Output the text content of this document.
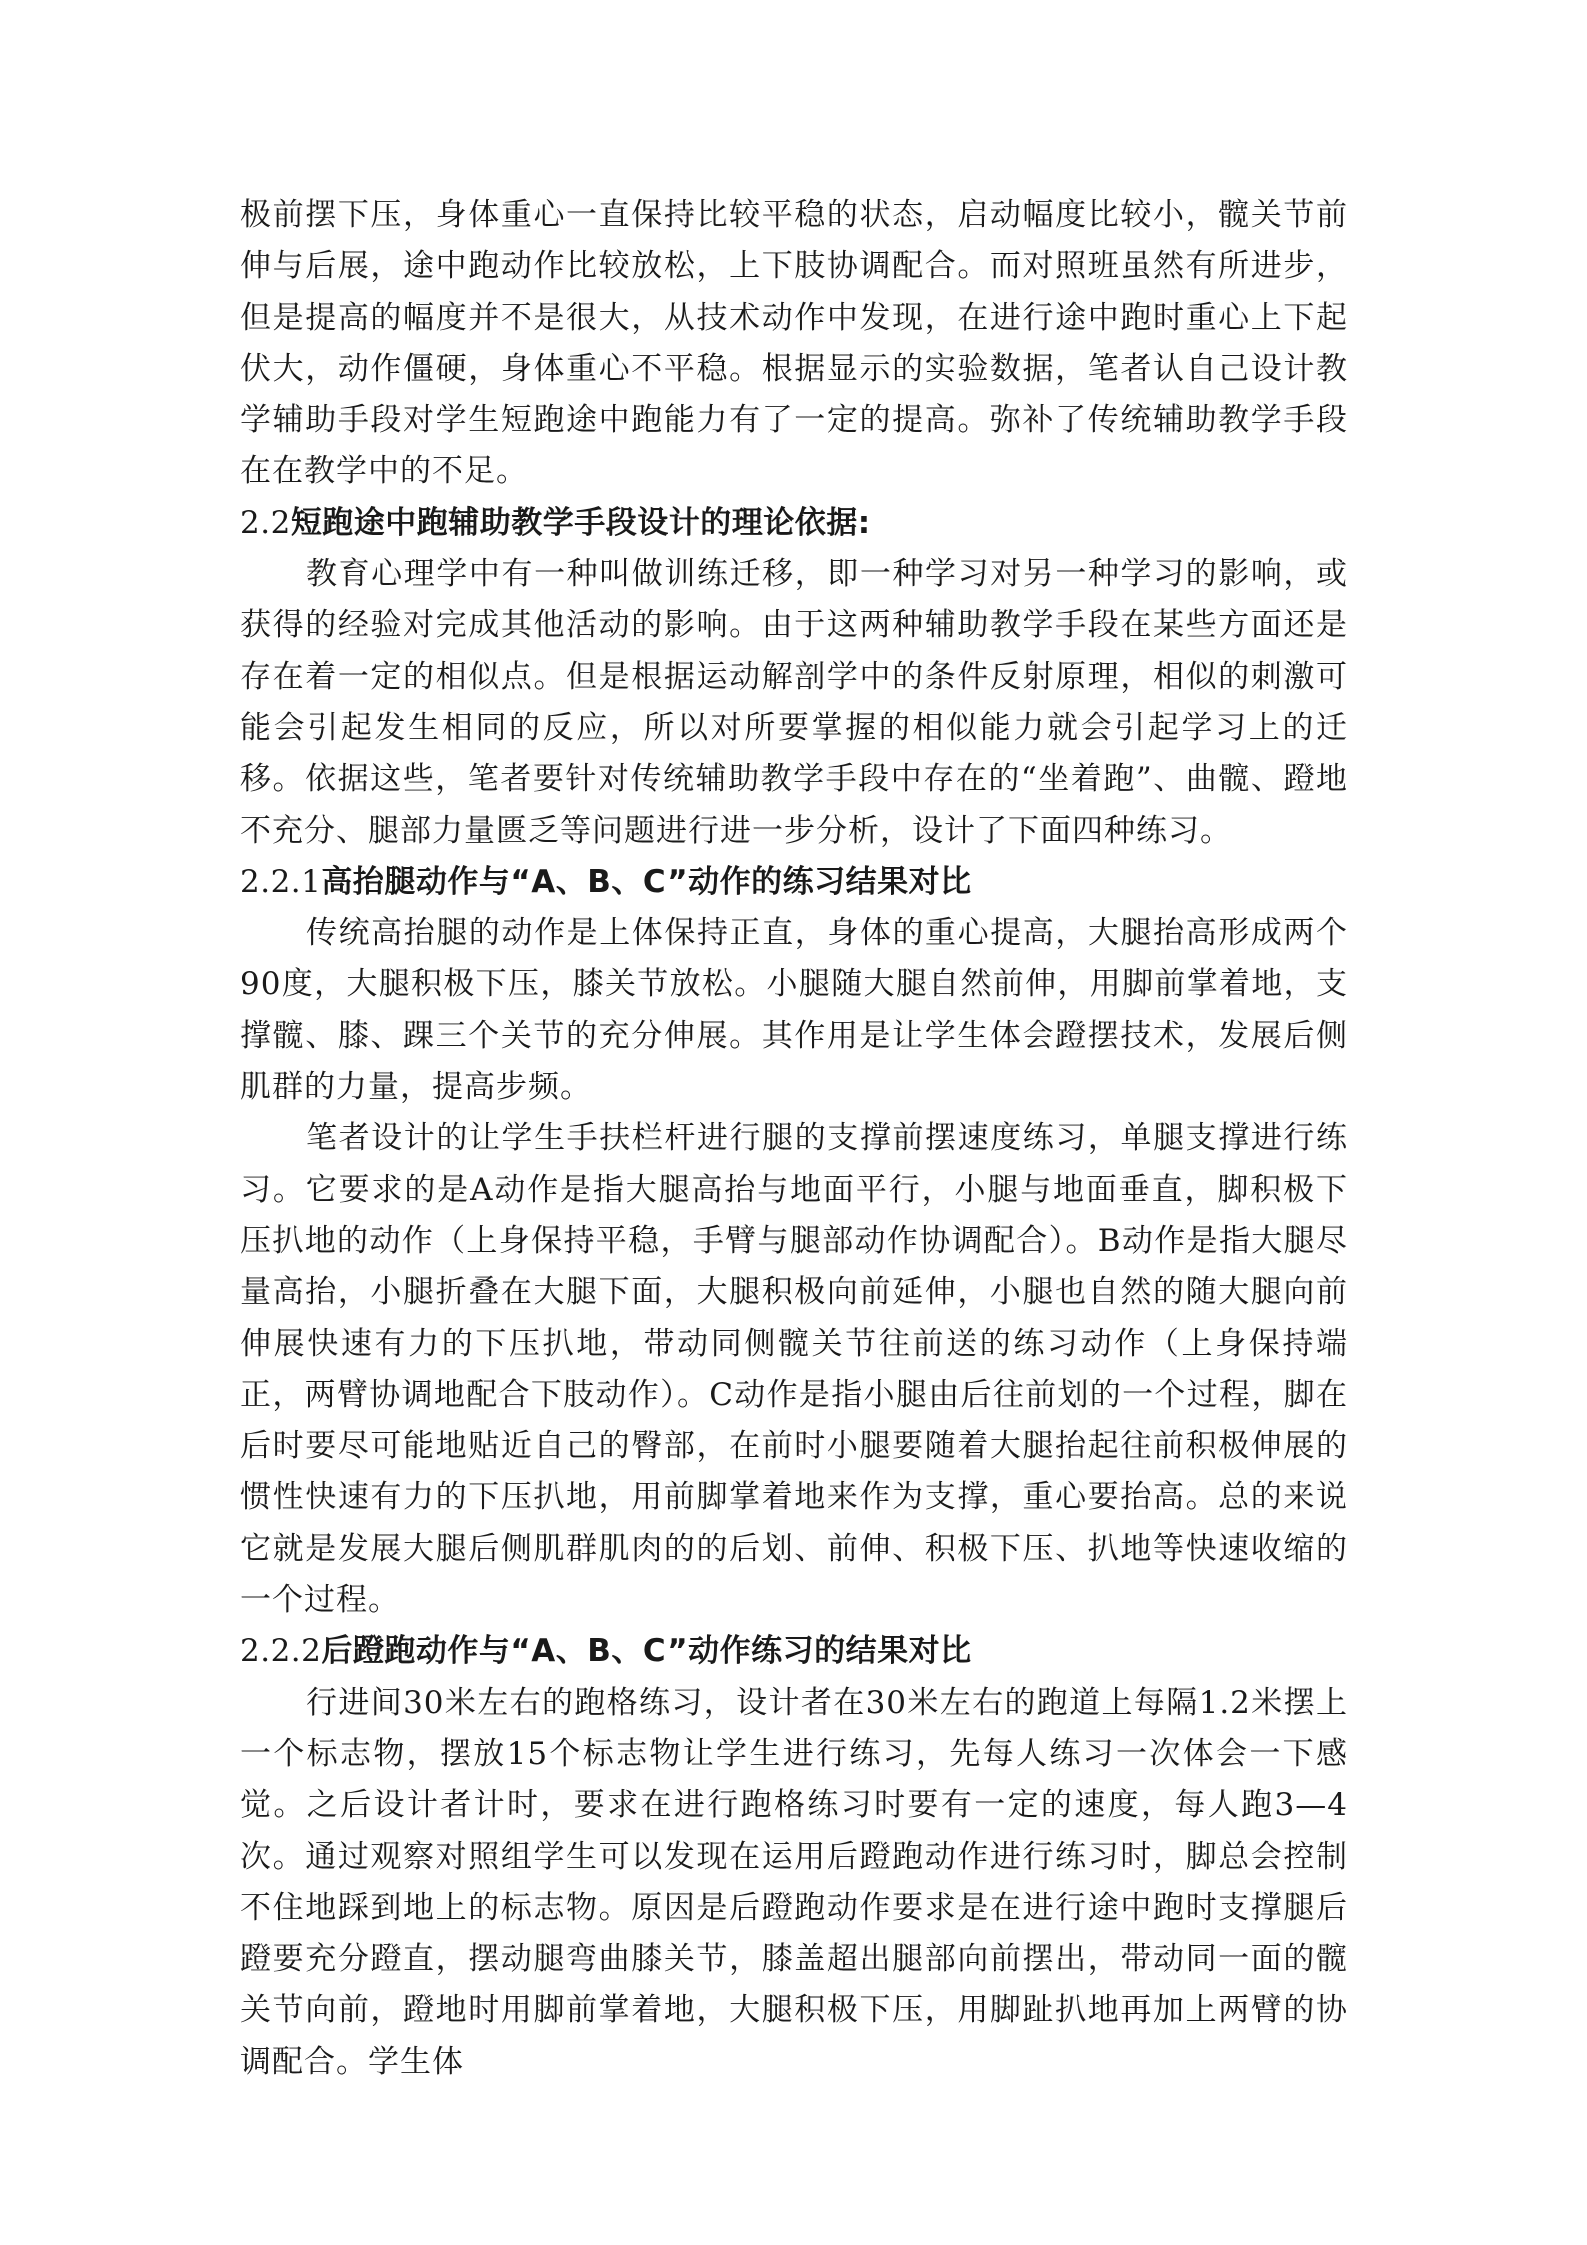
极前摆下压，身体重心一直保持比较平稳的状态，启动幅度比较小，髋关节前伸与后展，途中跑动作比较放松，上下肢协调配合。而对照班虽然有所进步，但是提高的幅度并不是很大，从技术动作中发现，在进行途中跑时重心上下起伏大，动作僵硬，身体重心不平稳。根据显示的实验数据，笔者认自己设计教学辅助手段对学生短跑途中跑能力有了一定的提高。弥补了传统辅助教学手段在在教学中的不足。

2.2短跑途中跑辅助教学手段设计的理论依据:

教育心理学中有一种叫做训练迁移，即一种学习对另一种学习的影响，或获得的经验对完成其他活动的影响。由于这两种辅助教学手段在某些方面还是存在着一定的相似点。但是根据运动解剖学中的条件反射原理，相似的刺激可能会引起发生相同的反应，所以对所要掌握的相似能力就会引起学习上的迁移。依据这些，笔者要针对传统辅助教学手段中存在的“坐着跑”、曲髋、蹬地不充分、腿部力量匮乏等问题进行进一步分析，设计了下面四种练习。

2.2.1高抬腿动作与“A、B、C”动作的练习结果对比

传统高抬腿的动作是上体保持正直，身体的重心提高，大腿抬高形成两个90度，大腿积极下压，膝关节放松。小腿随大腿自然前伸，用脚前掌着地，支撑髋、膝、踝三个关节的充分伸展。其作用是让学生体会蹬摆技术，发展后侧肌群的力量，提高步频。

笔者设计的让学生手扶栏杆进行腿的支撑前摆速度练习，单腿支撑进行练习。它要求的是A动作是指大腿高抬与地面平行，小腿与地面垂直，脚积极下压扒地的动作（上身保持平稳，手臂与腿部动作协调配合）。B动作是指大腿尽量高抬，小腿折叠在大腿下面，大腿积极向前延伸，小腿也自然的随大腿向前伸展快速有力的下压扒地，带动同侧髋关节往前送的练习动作（上身保持端正，两臂协调地配合下肢动作）。C动作是指小腿由后往前划的一个过程，脚在后时要尽可能地贴近自己的臀部，在前时小腿要随着大腿抬起往前积极伸展的惯性快速有力的下压扒地，用前脚掌着地来作为支撑，重心要抬高。总的来说它就是发展大腿后侧肌群肌肉的的后划、前伸、积极下压、扒地等快速收缩的一个过程。

2.2.2后蹬跑动作与“A、B、C”动作练习的结果对比

行进间30米左右的跑格练习，设计者在30米左右的跑道上每隔1.2米摆上一个标志物，摆放15个标志物让学生进行练习，先每人练习一次体会一下感觉。之后设计者计时，要求在进行跑格练习时要有一定的速度，每人跑3—4次。通过观察对照组学生可以发现在运用后蹬跑动作进行练习时，脚总会控制不住地踩到地上的标志物。原因是后蹬跑动作要求是在进行途中跑时支撑腿后蹬要充分蹬直，摆动腿弯曲膝关节，膝盖超出腿部向前摆出，带动同一面的髋关节向前，蹬地时用脚前掌着地，大腿积极下压，用脚趾扒地再加上两臂的协调配合。学生体
